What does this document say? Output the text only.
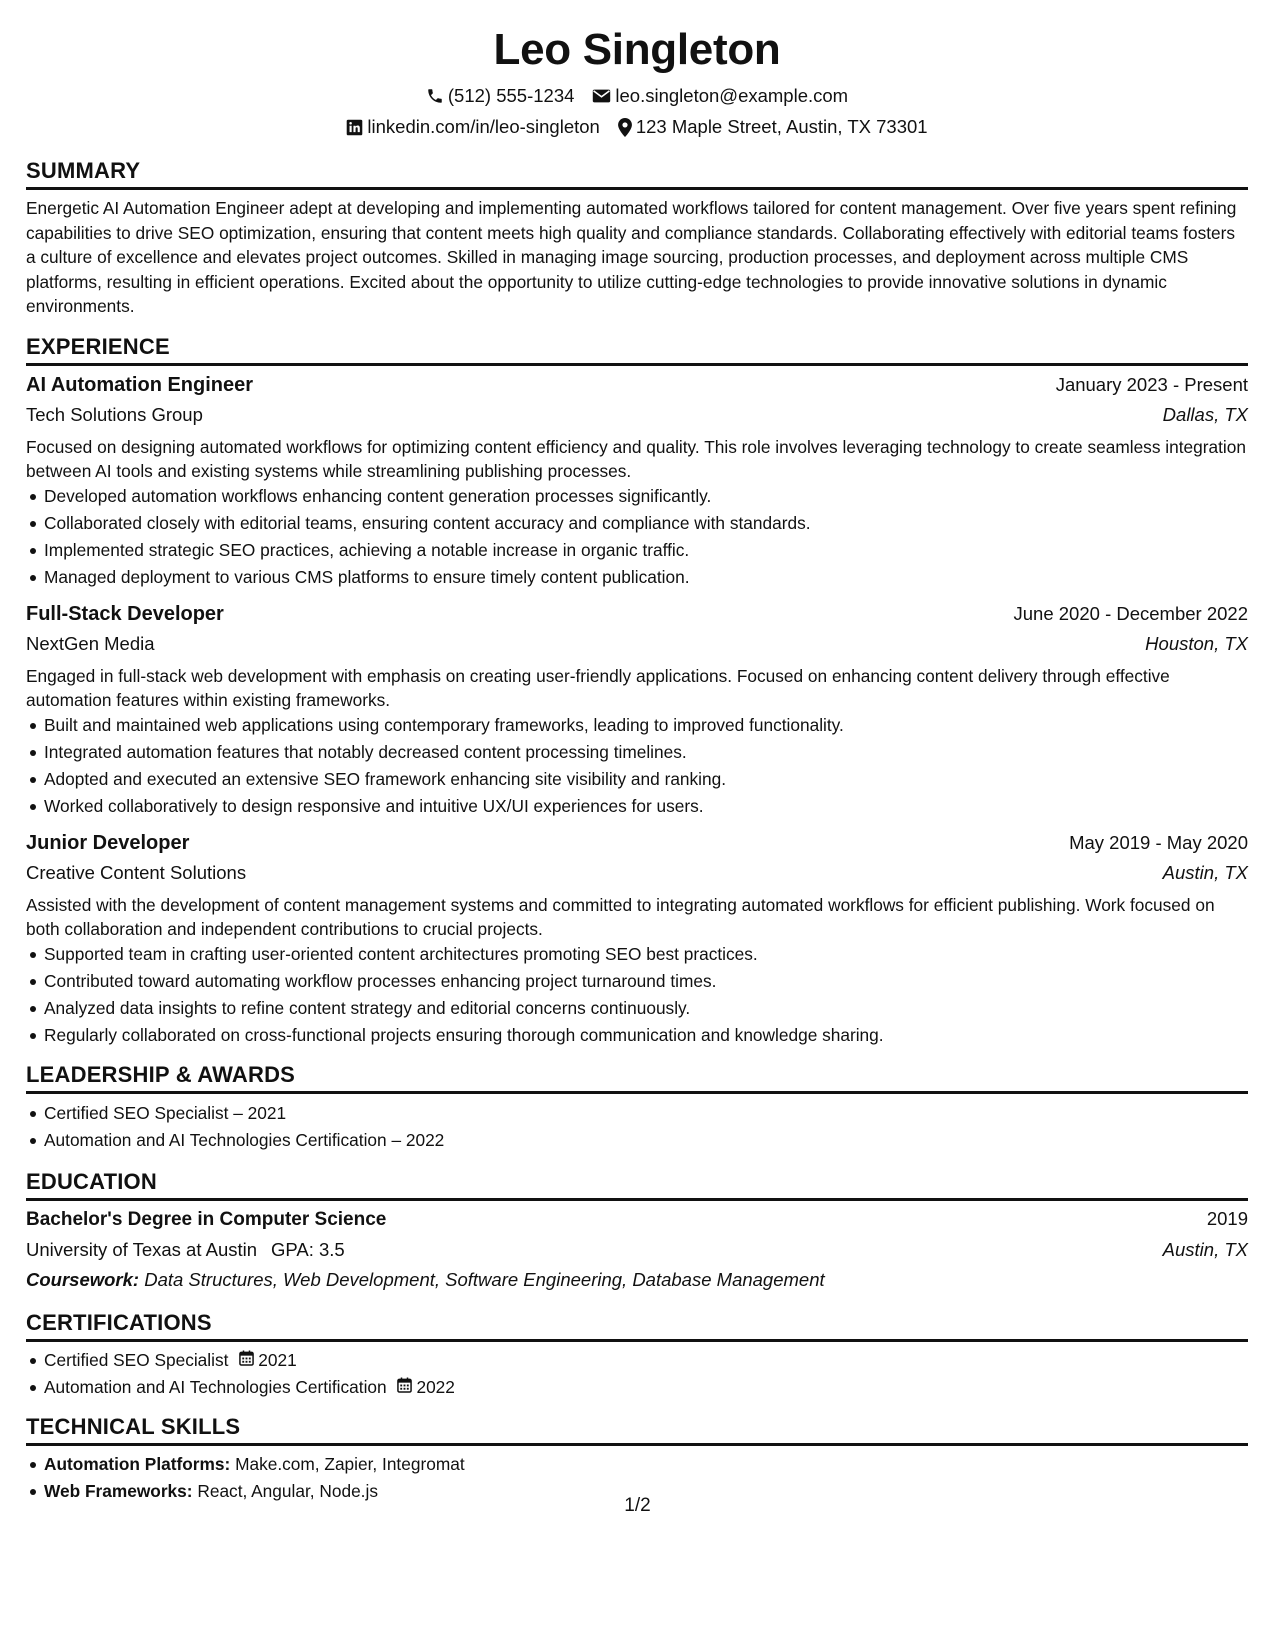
Leo Singleton
(512) 555-1234 leo.singleton@example.com
linkedin.com/in/leo-singleton 123 Maple Street, Austin, TX 73301
SUMMARY

Energetic AI Automation Engineer adept at developing and implementing automated workflows tailored for content management. Over five years spent refining capabilities to drive SEO optimization, ensuring that content meets high quality and compliance standards. Collaborating effectively with editorial teams fosters a culture of excellence and elevates project outcomes. Skilled in managing image sourcing, production processes, and deployment across multiple CMS platforms, resulting in efficient operations. Excited about the opportunity to utilize cutting-edge technologies to provide innovative solutions in dynamic environments.

EXPERIENCE
AI Automation Engineer	January 2023 - Present
Tech Solutions Group	Dallas, TX

Focused on designing automated workflows for optimizing content efficiency and quality. This role involves leveraging technology to create seamless integration between AI tools and existing systems while streamlining publishing processes.

Developed automation workflows enhancing content generation processes significantly.
Collaborated closely with editorial teams, ensuring content accuracy and compliance with standards.
Implemented strategic SEO practices, achieving a notable increase in organic traffic.
Managed deployment to various CMS platforms to ensure timely content publication.
Full-Stack Developer	June 2020 - December 2022
NextGen Media	Houston, TX

Engaged in full-stack web development with emphasis on creating user-friendly applications. Focused on enhancing content delivery through effective automation features within existing frameworks.

Built and maintained web applications using contemporary frameworks, leading to improved functionality.
Integrated automation features that notably decreased content processing timelines.
Adopted and executed an extensive SEO framework enhancing site visibility and ranking.
Worked collaboratively to design responsive and intuitive UX/UI experiences for users.
Junior Developer	May 2019 - May 2020
Creative Content Solutions	Austin, TX

Assisted with the development of content management systems and committed to integrating automated workflows for efficient publishing. Work focused on both collaboration and independent contributions to crucial projects.

Supported team in crafting user-oriented content architectures promoting SEO best practices.
Contributed toward automating workflow processes enhancing project turnaround times.
Analyzed data insights to refine content strategy and editorial concerns continuously.
Regularly collaborated on cross-functional projects ensuring thorough communication and knowledge sharing.
LEADERSHIP & AWARDS
Certified SEO Specialist – 2021
Automation and AI Technologies Certification – 2022
EDUCATION
Bachelor's Degree in Computer Science	2019
University of Texas at Austin GPA: 3.5	Austin, TX
Coursework: Data Structures, Web Development, Software Engineering, Database Management
CERTIFICATIONS
Certified SEO Specialist 2021
Automation and AI Technologies Certification 2022
TECHNICAL SKILLS
Automation Platforms: Make.com, Zapier, Integromat
Web Frameworks: React, Angular, Node.js
1/2
